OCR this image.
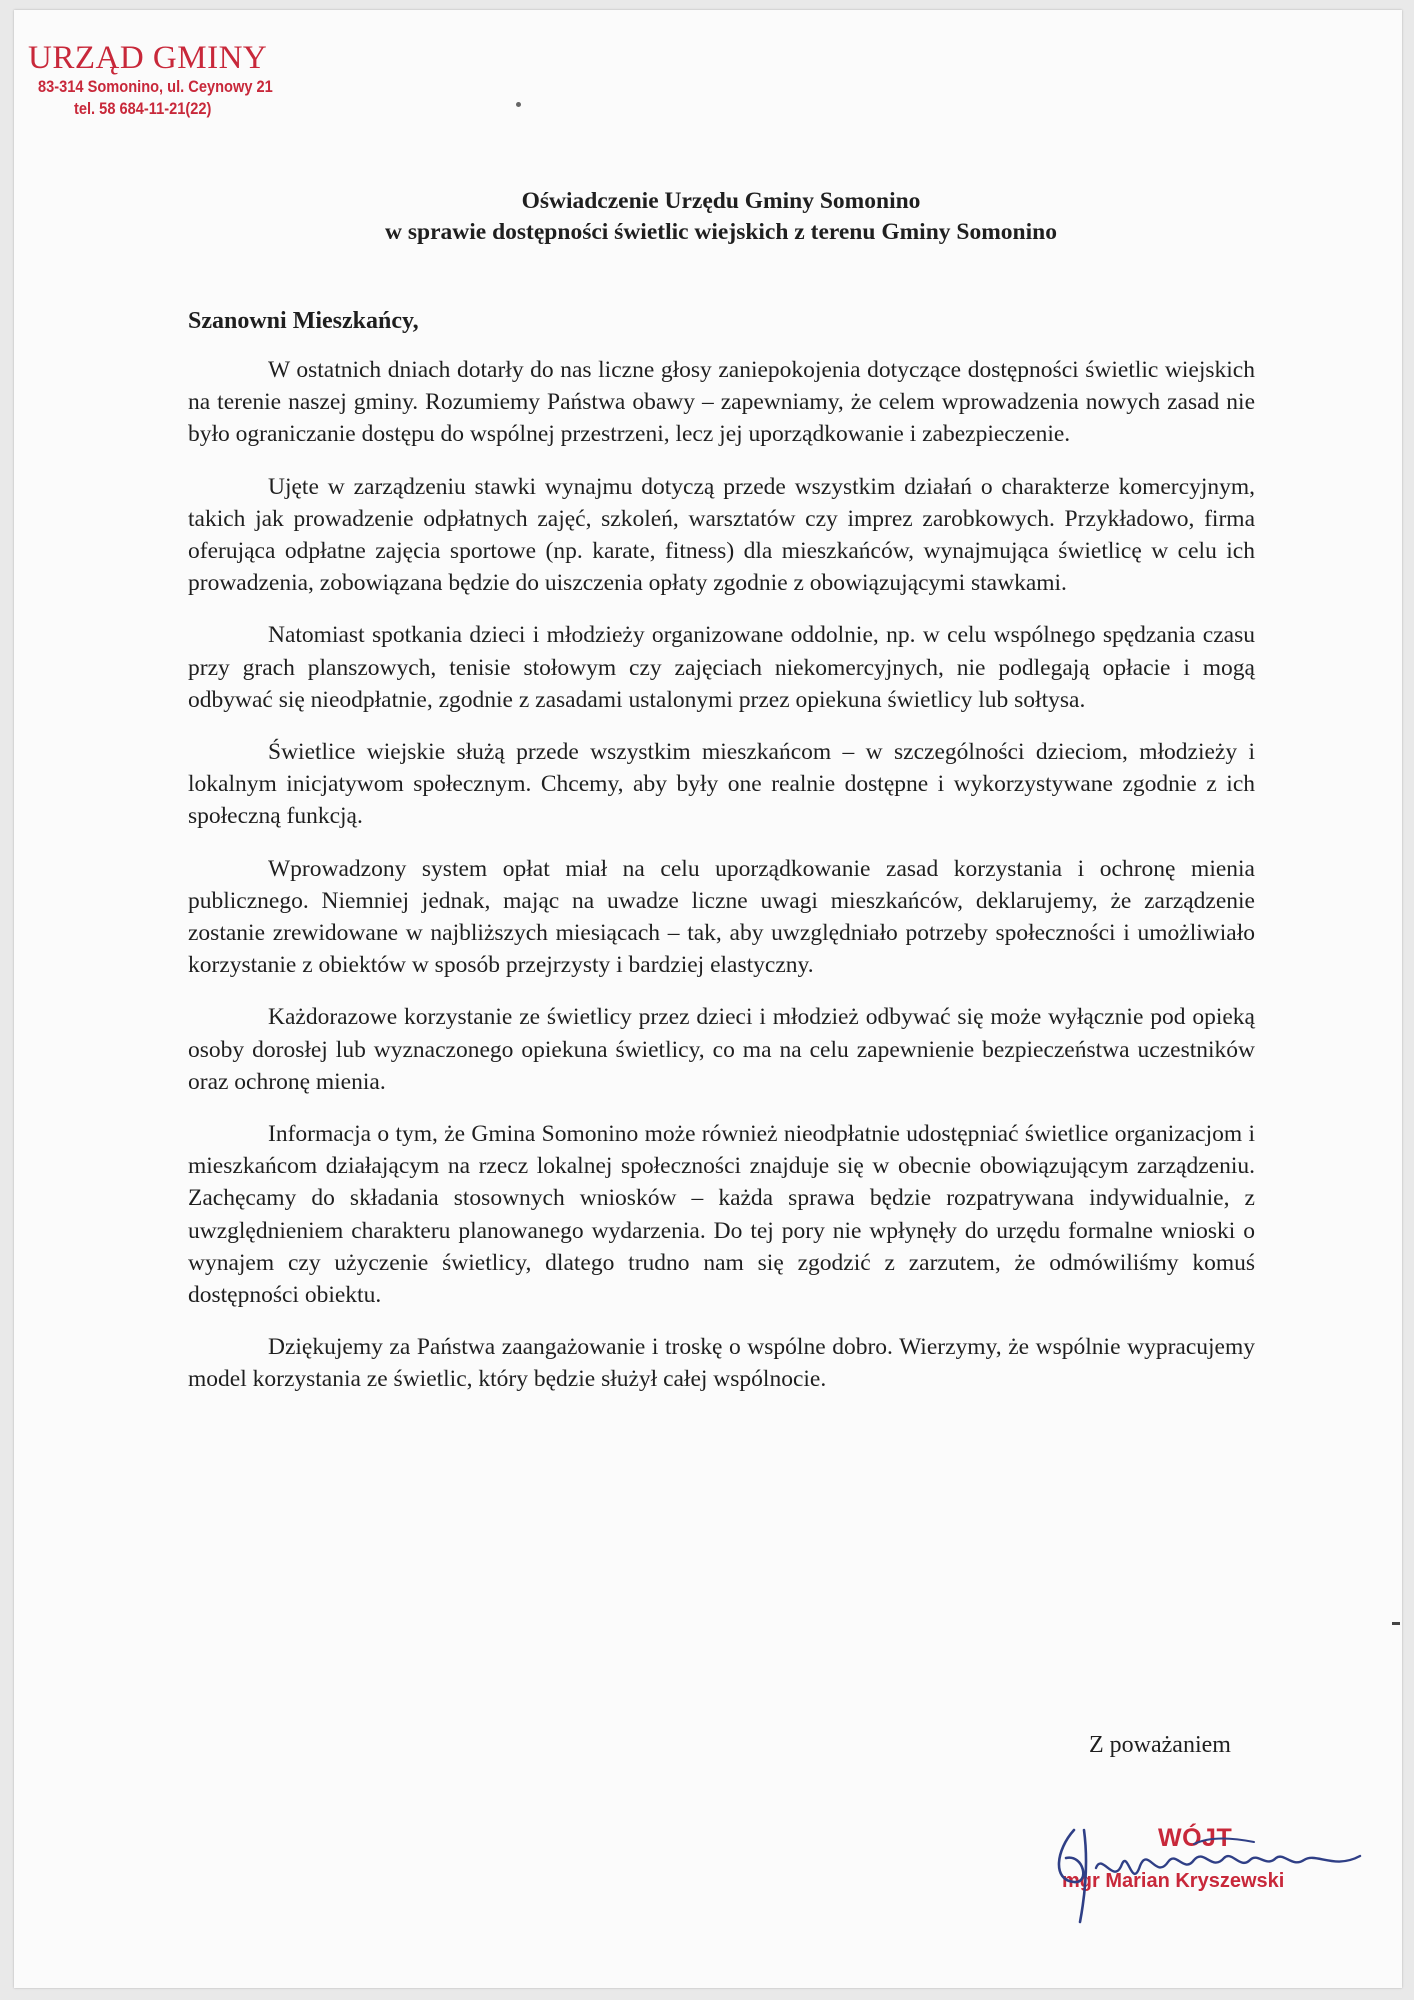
URZĄD GMINY
83-314 Somonino, ul. Ceynowy 21
tel. 58 684-11-21(22)
Oświadczenie Urzędu Gminy Somonino
w sprawie dostępności świetlic wiejskich z terenu Gminy Somonino
Szanowni Mieszkańcy,

W ostatnich dniach dotarły do nas liczne głosy zaniepokojenia dotyczące dostępności świetlic wiejskich na terenie naszej gminy. Rozumiemy Państwa obawy – zapewniamy, że celem wprowadzenia nowych zasad nie było ograniczanie dostępu do wspólnej przestrzeni, lecz jej uporządkowanie i zabezpieczenie.

Ujęte w zarządzeniu stawki wynajmu dotyczą przede wszystkim działań o charakterze komercyjnym, takich jak prowadzenie odpłatnych zajęć, szkoleń, warsztatów czy imprez zarobkowych. Przykładowo, firma oferująca odpłatne zajęcia sportowe (np. karate, fitness) dla mieszkańców, wynajmująca świetlicę w celu ich prowadzenia, zobowiązana będzie do uiszczenia opłaty zgodnie z obowiązującymi stawkami.

Natomiast spotkania dzieci i młodzieży organizowane oddolnie, np. w celu wspólnego spędzania czasu przy grach planszowych, tenisie stołowym czy zajęciach niekomercyjnych, nie podlegają opłacie i mogą odbywać się nieodpłatnie, zgodnie z zasadami ustalonymi przez opiekuna świetlicy lub sołtysa.

Świetlice wiejskie służą przede wszystkim mieszkańcom – w szczególności dzieciom, młodzieży i lokalnym inicjatywom społecznym. Chcemy, aby były one realnie dostępne i wykorzystywane zgodnie z ich społeczną funkcją.

Wprowadzony system opłat miał na celu uporządkowanie zasad korzystania i ochronę mienia publicznego. Niemniej jednak, mając na uwadze liczne uwagi mieszkańców, deklarujemy, że zarządzenie zostanie zrewidowane w najbliższych miesiącach – tak, aby uwzględniało potrzeby społeczności i umożliwiało korzystanie z obiektów w sposób przejrzysty i bardziej elastyczny.

Każdorazowe korzystanie ze świetlicy przez dzieci i młodzież odbywać się może wyłącznie pod opieką osoby dorosłej lub wyznaczonego opiekuna świetlicy, co ma na celu zapewnienie bezpieczeństwa uczestników oraz ochronę mienia.

Informacja o tym, że Gmina Somonino może również nieodpłatnie udostępniać świetlice organizacjom i mieszkańcom działającym na rzecz lokalnej społeczności znajduje się w obecnie obowiązującym zarządzeniu. Zachęcamy do składania stosownych wniosków – każda sprawa będzie rozpatrywana indywidualnie, z uwzględnieniem charakteru planowanego wydarzenia. Do tej pory nie wpłynęły do urzędu formalne wnioski o wynajem czy użyczenie świetlicy, dlatego trudno nam się zgodzić z zarzutem, że odmówiliśmy komuś dostępności obiektu.

Dziękujemy za Państwa zaangażowanie i troskę o wspólne dobro. Wierzymy, że wspólnie wypracujemy model korzystania ze świetlic, który będzie służył całej wspólnocie.

Z poważaniem
WÓJT
mgr Marian Kryszewski
